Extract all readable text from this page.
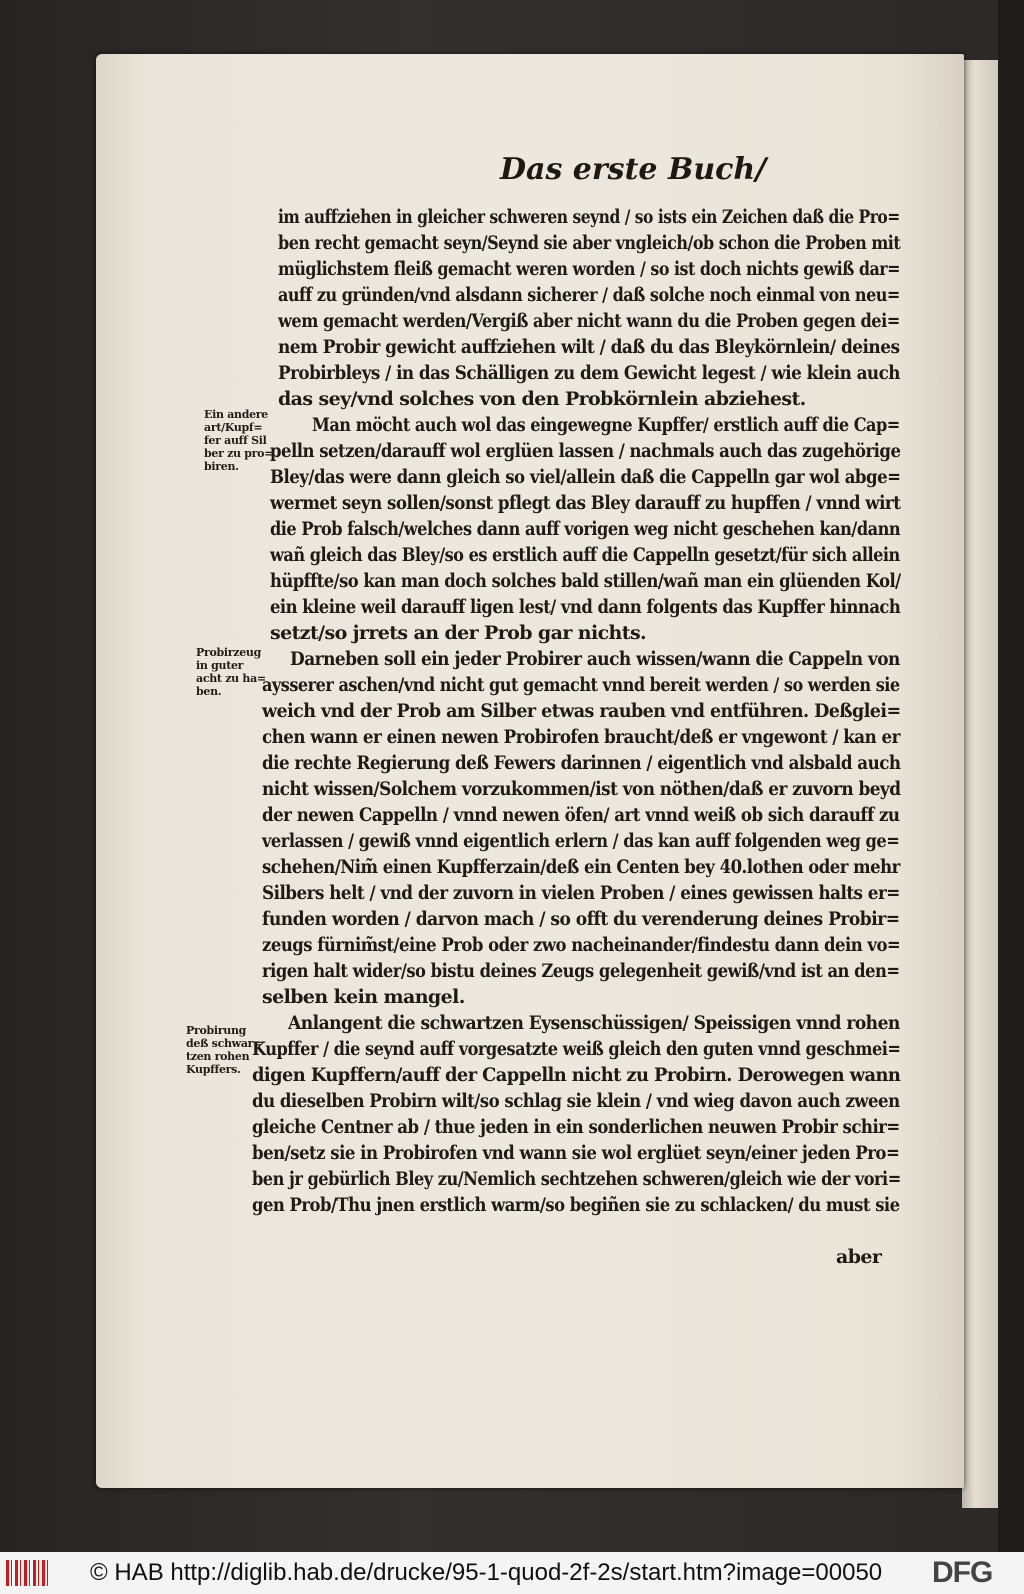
Das erste Buch/
im auffziehen in gleicher schweren seynd / so ists ein Zeichen daß die Pro=
ben recht gemacht seyn/Seynd sie aber vngleich/ob schon die Proben mit
müglichstem fleiß gemacht weren worden / so ist doch nichts gewiß dar=
auff zu gründen/vnd alsdann sicherer / daß solche noch einmal von neu=
wem gemacht werden/Vergiß aber nicht wann du die Proben gegen dei=
nem Probir gewicht auffziehen wilt / daß du das Bleykörnlein/ deines
Probirbleys / in das Schälligen zu dem Gewicht legest / wie klein auch
das sey/vnd solches von den Probkörnlein abziehest.
Man möcht auch wol das eingewegne Kupffer/ erstlich auff die Cap=
pelln setzen/darauff wol erglüen lassen / nachmals auch das zugehörige
Bley/das were dann gleich so viel/allein daß die Cappelln gar wol abge=
wermet seyn sollen/sonst pflegt das Bley darauff zu hupffen / vnnd wirt
die Prob falsch/welches dann auff vorigen weg nicht geschehen kan/dann
wañ gleich das Bley/so es erstlich auff die Cappelln gesetzt/für sich allein
hüpffte/so kan man doch solches bald stillen/wañ man ein glüenden Kol/
ein kleine weil darauff ligen lest/ vnd dann folgents das Kupffer hinnach
setzt/so jrrets an der Prob gar nichts.
Darneben soll ein jeder Probirer auch wissen/wann die Cappeln von
aysserer aschen/vnd nicht gut gemacht vnnd bereit werden / so werden sie
weich vnd der Prob am Silber etwas rauben vnd entführen. Deßglei=
chen wann er einen newen Probirofen braucht/deß er vngewont / kan er
die rechte Regierung deß Fewers darinnen / eigentlich vnd alsbald auch
nicht wissen/Solchem vorzukommen/ist von nöthen/daß er zuvorn beyd
der newen Cappelln / vnnd newen öfen/ art vnnd weiß ob sich darauff zu
verlassen / gewiß vnnd eigentlich erlern / das kan auff folgenden weg ge=
schehen/Nim̃ einen Kupfferzain/deß ein Centen bey 40.lothen oder mehr
Silbers helt / vnd der zuvorn in vielen Proben / eines gewissen halts er=
funden worden / darvon mach / so offt du verenderung deines Probir=
zeugs fürnim̃st/eine Prob oder zwo nacheinander/findestu dann dein vo=
rigen halt wider/so bistu deines Zeugs gelegenheit gewiß/vnd ist an den=
selben kein mangel.
Anlangent die schwartzen Eysenschüssigen/ Speissigen vnnd rohen
Kupffer / die seynd auff vorgesatzte weiß gleich den guten vnnd geschmei=
digen Kupffern/auff der Cappelln nicht zu Probirn. Derowegen wann
du dieselben Probirn wilt/so schlag sie klein / vnd wieg davon auch zween
gleiche Centner ab / thue jeden in ein sonderlichen neuwen Probir schir=
ben/setz sie in Probirofen vnd wann sie wol erglüet seyn/einer jeden Pro=
ben jr gebürlich Bley zu/Nemlich sechtzehen schweren/gleich wie der vori=
gen Prob/Thu jnen erstlich warm/so begiñen sie zu schlacken/ du must sie
Ein andere
art/Kupf=
fer auff Sil
ber zu pro=
biren.
Probirzeug
in guter
acht zu ha=
ben.
Probirung
deß schwar=
tzen rohen
Kupffers.
aber
© HAB http://diglib.hab.de/drucke/95-1-quod-2f-2s/start.htm?image=00050 DFG
